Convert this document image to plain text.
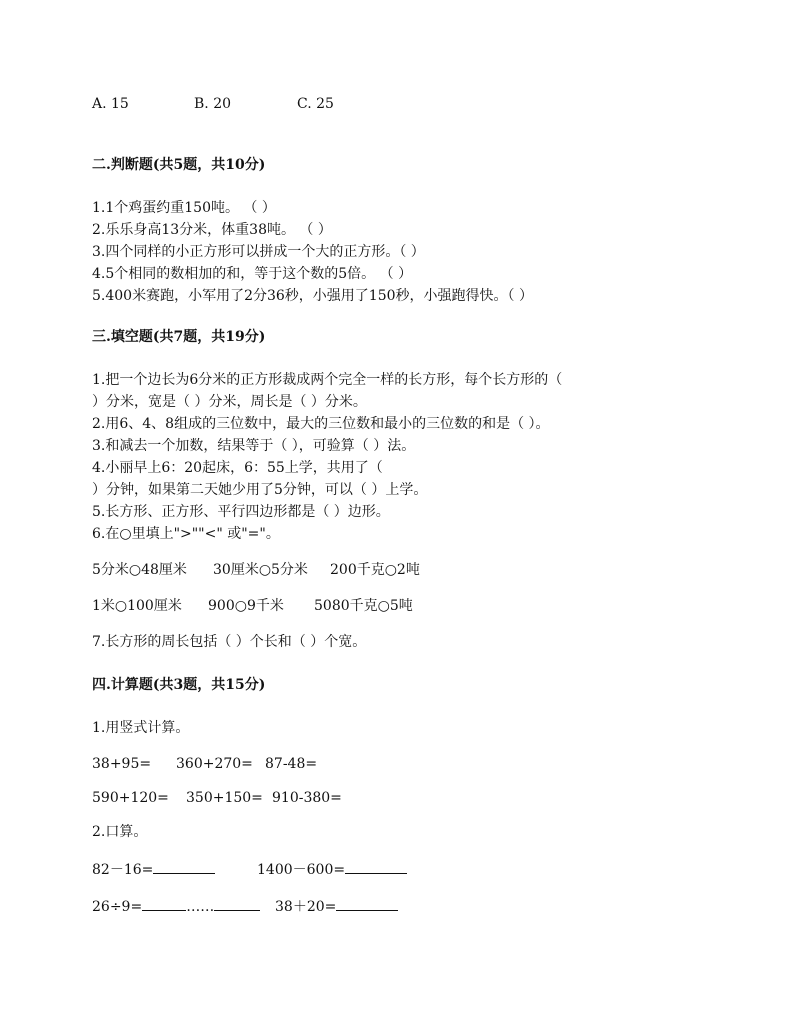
A. 15	B. 20	C. 25
二.判断题(共5题，共10分)
1.1个鸡蛋约重150吨。 （ ）
2.乐乐身高13分米，体重38吨。 （ ）
3.四个同样的小正方形可以拼成一个大的正方形。（ ）
4.5个相同的数相加的和，等于这个数的5倍。 （ ）
5.400米赛跑，小军用了2分36秒，小强用了150秒，小强跑得快。（ ）
三.填空题(共7题，共19分)
1.把一个边长为6分米的正方形裁成两个完全一样的长方形，每个长方形的（
）分米，宽是（ ）分米，周长是（ ）分米。
2.用6、4、8组成的三位数中，最大的三位数和最小的三位数的和是（ ）。
3.和减去一个加数，结果等于（ ），可验算（ ）法。
4.小丽早上6：20起床，6：55上学，共用了（
）分钟，如果第二天她少用了5分钟，可以（ ）上学。
5.长方形、正方形、平行四边形都是（ ）边形。
6.在○里填上">""<" 或"="。
5分米○48厘米 30厘米○5分米 200千克○2吨
1米○100厘米 900○9千米 5080千克○5吨
7.长方形的周长包括（ ）个长和（ ）个宽。
四.计算题(共3题，共15分)
1.用竖式计算。
38+95= 360+270= 87-48=
590+120= 350+150= 910-380=
2.口算。
82－16=	1400－600=
26÷9=	……	38＋20=
